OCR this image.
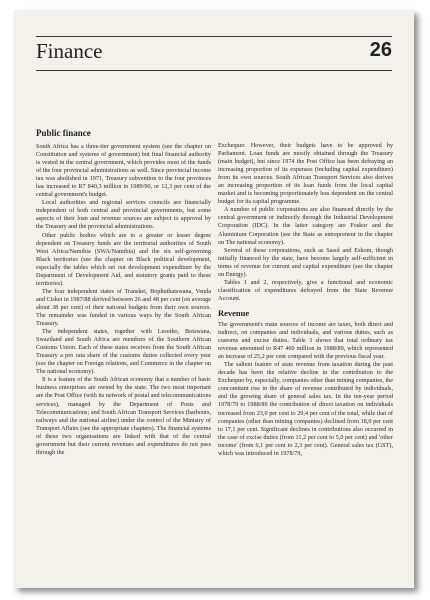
Finance	26
Public finance

South Africa has a three-tier government system (see the chapter on Constitution and systems of government) but final financial authority is vested in the central government, which provides most of the funds of the four provincial administrations as well. Since provincial income tax was abolished in 1971, Treasury subvention to the four provinces has increased to R7 840,3 million in 1989/90, or 12,3 per cent of the central government's budget.

Local authorities and regional services councils are financially independent of both central and provincial governments, but some aspects of their loan and revenue sources are subject to approval by the Treasury and the provincial administrations.

Other public bodies which are to a greater or lesser degree dependent on Treasury funds are the territorial authorities of South West Africa/Namibia (SWA/Namibia) and the six self-governing Black territories (see the chapter on Black political development, especially the tables which set out development expenditure by the Department of Development Aid, and statutory grants paid to these territories).

The four independent states of Transkei, Bophuthatswana, Venda and Ciskei in 1987/88 derived between 26 and 48 per cent (on average about 38 per cent) of their national budgets from their own sources. The remainder was funded in various ways by the South African Treasury.

The independent states, together with Lesotho, Botswana, Swaziland and South Africa are members of the Southern African Customs Union. Each of these states receives from the South African Treasury a pro rata share of the customs duties collected every year (see the chapter on Foreign relations, and Commerce in the chapter on The national economy).

It is a feature of the South African economy that a number of basic business enterprises are owned by the state. The two most important are the Post Office (with its network of postal and telecommunications services), managed by the Department of Posts and Telecommunications; and South African Transport Services (harbours, railways and the national airline) under the control of the Ministry of Transport Affairs (see the appropriate chapters). The financial systems of these two organisations are linked with that of the central government but their current revenues and expenditures do not pass through the

Exchequer. However, their budgets have to be approved by Parliament. Loan funds are mostly obtained through the Treasury (main budget), but since 1974 the Post Office has been defraying an increasing proportion of its expenses (including capital expenditure) from its own sources. South African Transport Services also derives an increasing proportion of its loan funds from the local capital market and is becoming proportionately less dependent on the central budget for its capital programme.

A number of public corporations are also financed directly by the central government or indirectly through the Industrial Development Corporation (IDC). In the latter category are Foskor and the Aluminium Corporation (see the State as entrepreneur in the chapter on The national economy).

Several of these corporations, such as Sasol and Eskom, though initially financed by the state, have become largely self-sufficient in terms of revenue for current and capital expenditure (see the chapter on Energy).

Tables 1 and 2, respectively, give a functional and economic classification of expenditures defrayed from the State Revenue Account.

Revenue

The government's main sources of income are taxes, both direct and indirect, on companies and individuals, and various duties, such as customs and excise duties. Table 3 shows that total ordinary tax revenue amounted to R47 460 million in 1988/89, which represented an increase of 25,2 per cent compared with the previous fiscal year.

The salient feature of state revenue from taxation during the past decade has been the relative decline in the contribution to the Exchequer by, especially, companies other than mining companies, the concomitant rise in the share of revenue contributed by individuals, and the growing share of general sales tax. In the ten-year period 1978/79 to 1988/89 the contribution of direct taxation on individuals increased from 23,0 per cent to 29,4 per cent of the total, while that of companies (other than mining companies) declined from 18,0 per cent to 17,1 per cent. Significant declines in contributions also occurred in the case of excise duties (from 11,2 per cent to 5,0 per cent) and 'other income' (from 6,1 per cent to 2,3 per cent). General sales tax (GST), which was introduced in 1978/79,
